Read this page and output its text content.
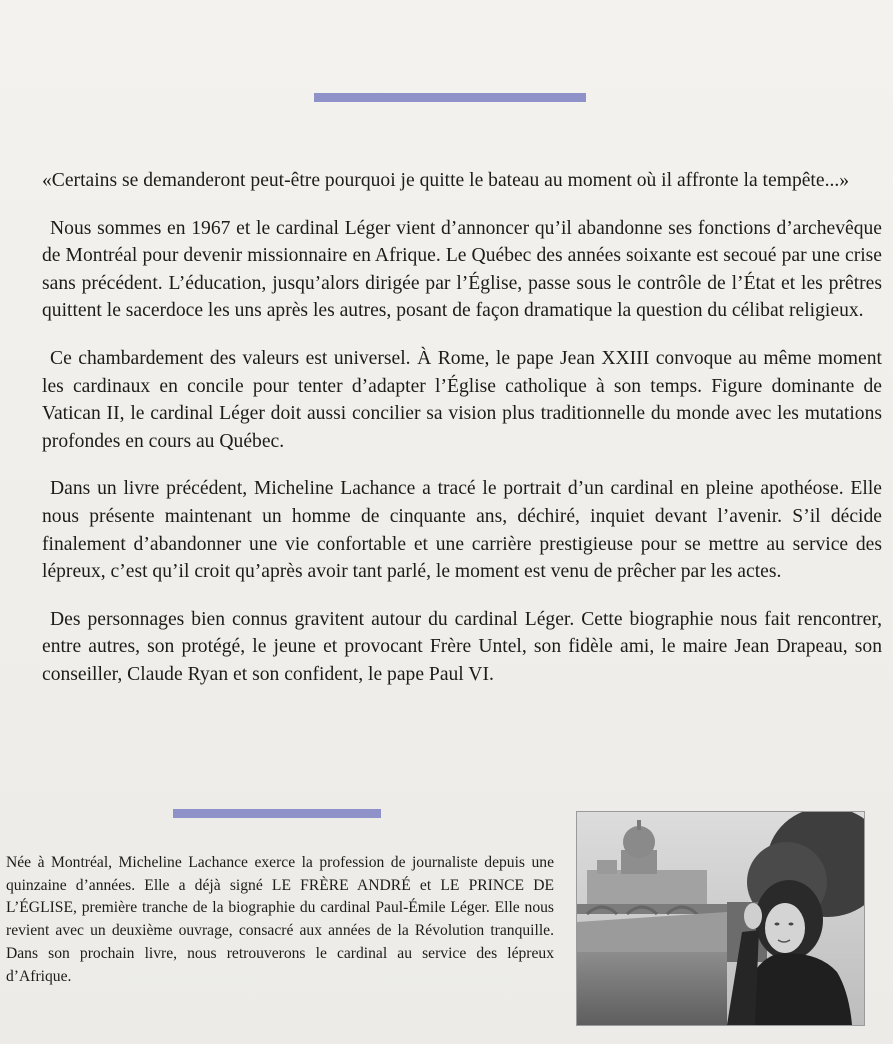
«Certains se demanderont peut-être pourquoi je quitte le bateau au moment où il affronte la tempête...»

Nous sommes en 1967 et le cardinal Léger vient d’annoncer qu’il abandonne ses fonctions d’archevêque de Montréal pour devenir missionnaire en Afrique. Le Québec des années soixante est secoué par une crise sans précédent. L’éducation, jusqu’alors dirigée par l’Église, passe sous le contrôle de l’État et les prêtres quittent le sacerdoce les uns après les autres, posant de façon dramatique la question du célibat religieux.

Ce chambardement des valeurs est universel. À Rome, le pape Jean XXIII convoque au même moment les cardinaux en concile pour tenter d’adapter l’Église catholique à son temps. Figure dominante de Vatican II, le cardinal Léger doit aussi concilier sa vision plus traditionnelle du monde avec les mutations profondes en cours au Québec.

Dans un livre précédent, Micheline Lachance a tracé le portrait d’un cardinal en pleine apothéose. Elle nous présente maintenant un homme de cinquante ans, déchiré, inquiet devant l’avenir. S’il décide finalement d’abandonner une vie confortable et une carrière prestigieuse pour se mettre au service des lépreux, c’est qu’il croit qu’après avoir tant parlé, le moment est venu de prêcher par les actes.

Des personnages bien connus gravitent autour du cardinal Léger. Cette biographie nous fait rencontrer, entre autres, son protégé, le jeune et provocant Frère Untel, son fidèle ami, le maire Jean Drapeau, son conseiller, Claude Ryan et son confident, le pape Paul VI.

Née à Montréal, Micheline Lachance exerce la profession de journaliste depuis une quinzaine d’années. Elle a déjà signé LE FRÈRE ANDRÉ et LE PRINCE DE L’ÉGLISE, première tranche de la biographie du cardinal Paul-Émile Léger. Elle nous revient avec un deuxième ouvrage, consacré aux années de la Révolution tranquille. Dans son prochain livre, nous retrouverons le cardinal au service des lépreux d’Afrique.
